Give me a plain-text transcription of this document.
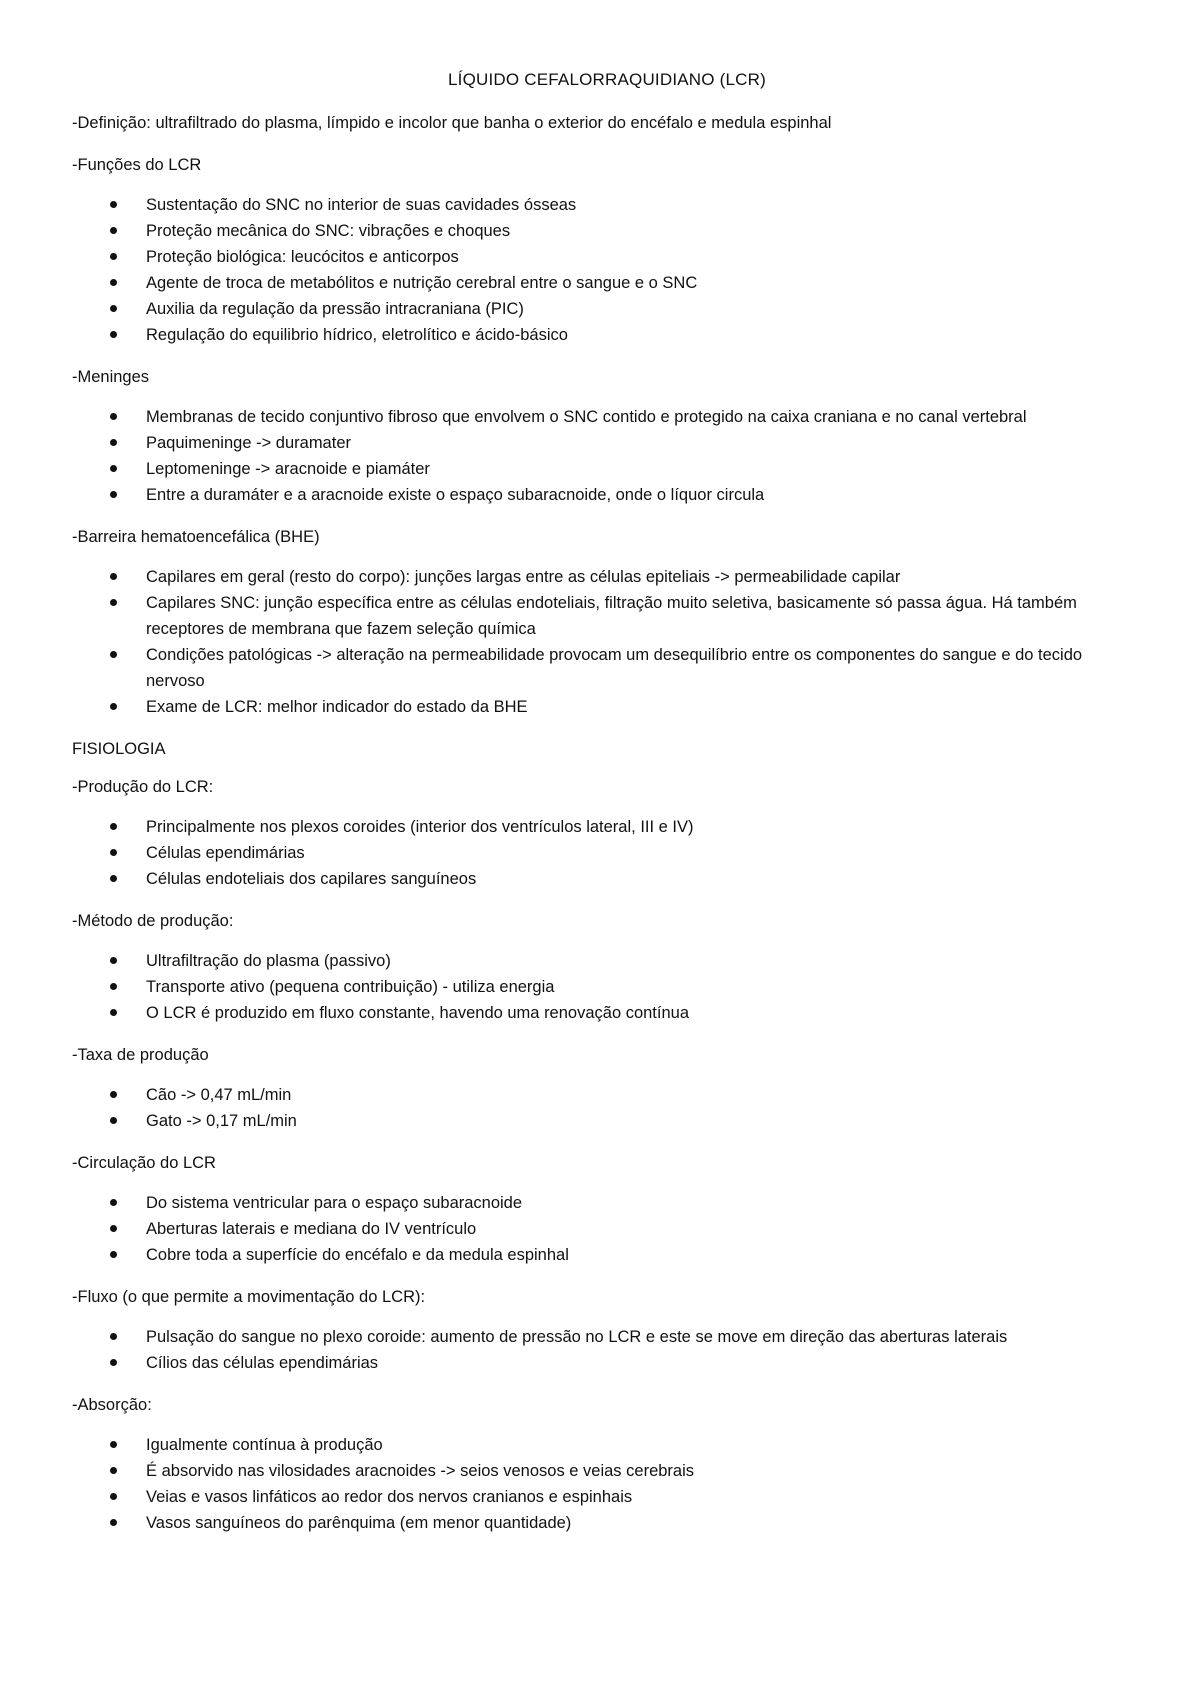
LÍQUIDO CEFALORRAQUIDIANO (LCR)
-Definição: ultrafiltrado do plasma, límpido e incolor que banha o exterior do encéfalo e medula espinhal
-Funções do LCR
Sustentação do SNC no interior de suas cavidades ósseas
Proteção mecânica do SNC: vibrações e choques
Proteção biológica: leucócitos e anticorpos
Agente de troca de metabólitos e nutrição cerebral entre o sangue e o SNC
Auxilia da regulação da pressão intracraniana (PIC)
Regulação do equilibrio hídrico, eletrolítico e ácido-básico
-Meninges
Membranas de tecido conjuntivo fibroso que envolvem o SNC contido e protegido na caixa craniana e no canal vertebral
Paquimeninge -> duramater
Leptomeninge -> aracnoide e piamáter
Entre a duramáter e a aracnoide existe o espaço subaracnoide, onde o líquor circula
-Barreira hematoencefálica (BHE)
Capilares em geral (resto do corpo): junções largas entre as células epiteliais -> permeabilidade capilar
Capilares SNC: junção específica entre as células endoteliais, filtração muito seletiva, basicamente só passa água. Há também receptores de membrana que fazem seleção química
Condições patológicas -> alteração na permeabilidade provocam um desequilíbrio entre os componentes do sangue e do tecido nervoso
Exame de LCR: melhor indicador do estado da BHE
FISIOLOGIA
-Produção do LCR:
Principalmente nos plexos coroides (interior dos ventrículos lateral, III e IV)
Células ependimárias
Células endoteliais dos capilares sanguíneos
-Método de produção:
Ultrafiltração do plasma (passivo)
Transporte ativo (pequena contribuição) - utiliza energia
O LCR é produzido em fluxo constante, havendo uma renovação contínua
-Taxa de produção
Cão -> 0,47 mL/min
Gato -> 0,17 mL/min
-Circulação do LCR
Do sistema ventricular para o espaço subaracnoide
Aberturas laterais e mediana do IV ventrículo
Cobre toda a superfície do encéfalo e da medula espinhal
-Fluxo (o que permite a movimentação do LCR):
Pulsação do sangue no plexo coroide: aumento de pressão no LCR e este se move em direção das aberturas laterais
Cílios das células ependimárias
-Absorção:
Igualmente contínua à produção
É absorvido nas vilosidades aracnoides -> seios venosos e veias cerebrais
Veias e vasos linfáticos ao redor dos nervos cranianos e espinhais
Vasos sanguíneos do parênquima (em menor quantidade)
